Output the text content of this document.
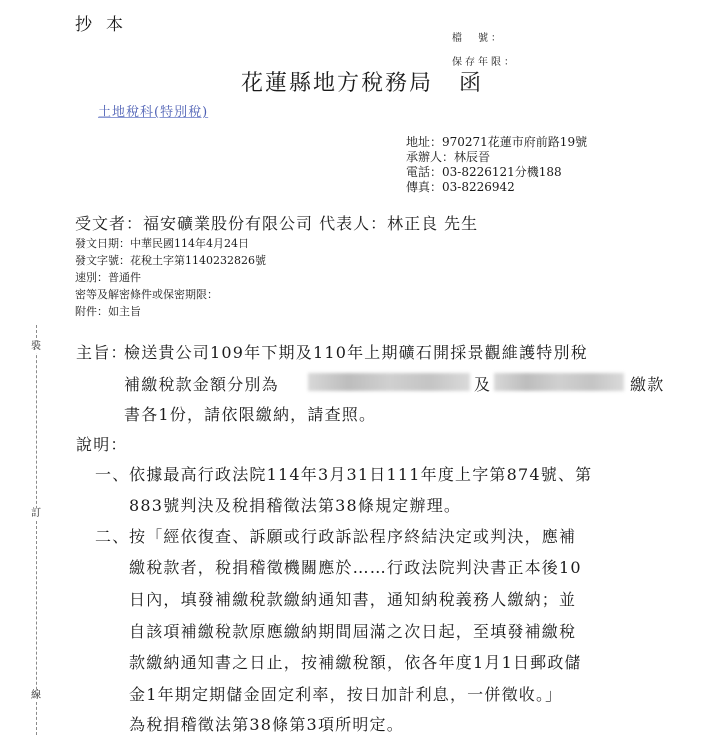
抄本
檔　號：
保存年限：
花蓮縣地方稅務局 函
土地稅科(特別稅)
地址：970271花蓮市府前路19號
承辦人：林辰晉
電話：03-8226121分機188
傳真：03-8226942
受文者：福安礦業股份有限公司 代表人：林正良 先生
發文日期：中華民國114年4月24日
發文字號：花稅土字第1140232826號
速別：普通件
密等及解密條件或保密期限：
附件：如主旨
裝
訂
線
主旨：
檢送貴公司109年下期及110年上期礦石開採景觀維護特別稅
補繳稅款金額分別為	及	繳款
書各1份，請依限繳納，請查照。
說明：
一、 依據最高行政法院114年3月31日111年度上字第874號、第
883號判決及稅捐稽徵法第38條規定辦理。
二、 按「經依復查、訴願或行政訴訟程序終結決定或判決，應補
繳稅款者，稅捐稽徵機關應於……行政法院判決書正本後10
日內，填發補繳稅款繳納通知書，通知納稅義務人繳納；並
自該項補繳稅款原應繳納期間屆滿之次日起，至填發補繳稅
款繳納通知書之日止，按補繳稅額，依各年度1月1日郵政儲
金1年期定期儲金固定利率，按日加計利息，一併徵收。」
為稅捐稽徵法第38條第3項所明定。
